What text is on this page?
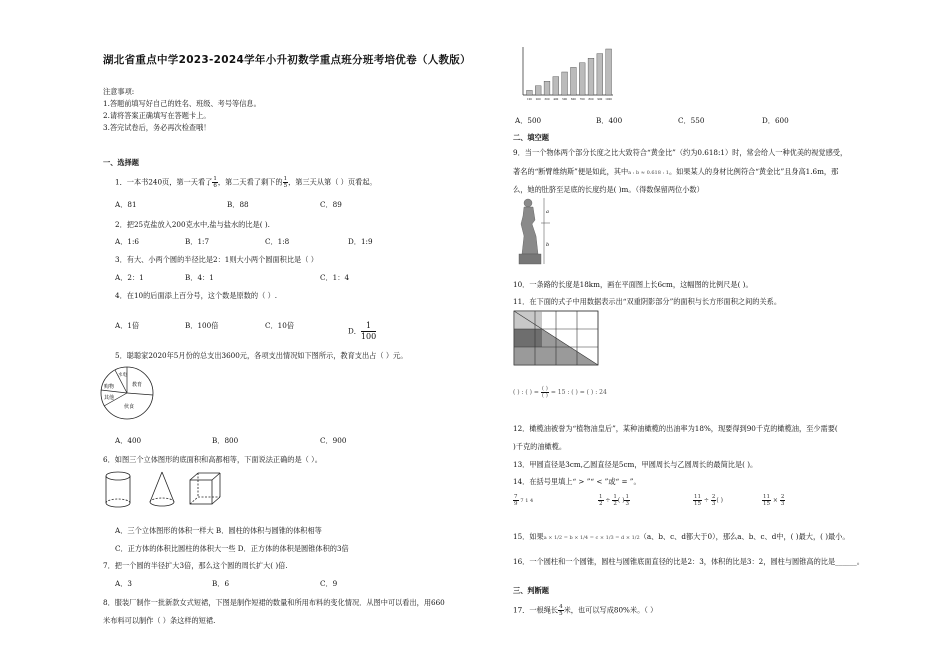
湖北省重点中学2023-2024学年小升初数学重点班分班考培优卷（人教版）
注意事项:
1.答题前填写好自己的姓名、班级、考号等信息。
2.请将答案正确填写在答题卡上。
3.答完试卷后，务必再次检查哦！
一、选择题
1．一本书240页，第一天看了 $\frac{1}{6}$ ，第二天看了剩下的 $\frac{1}{5}$ ，第三天从第（ ）页看起。
A．81	B．88	C．89
2．把25克盐放入200克水中,盐与盐水的比是( ).
A．1:6	B．1:7	C．1:8	D．1:9
3．有大、小两个圆的半径比是2：1则大小两个圆面积比是（ ）
A．2：1	B．4：1	C．1：4
4．在10的后面添上百分号，这个数是原数的（ ）.
A．1倍	B．100倍	C．10倍
D． $\frac{1}{100}$
5．聪聪家2020年5月份的总支出3600元，各项支出情况如下图所示，教育支出占（ ）元。
水电
教育
购物
其他
伙食
A．400	B．800	C．900
6．如图三个立体图形的底面积和高都相等，下面说法正确的是（ ）。
A．三个立体图形的体积一样大 B．圆柱的体积与圆锥的体积相等
C．正方体的体积比圆柱的体积大一些 D．正方体的体积是圆锥体积的3倍
7．把一个圆的半径扩大3倍，那么这个圆的周长扩大( )倍.
A．3	B．6	C．9
8．服装厂制作一批新款女式短裙，下图是制作短裙的数量和所用布料的变化情况．从图中可以看出，用660
米布料可以制作（ ）条这样的短裙.
100 200 300 400 500 600 700 800 900 1000
A．500	B．400	C．550	D．600
二、填空题
9．当一个物体两个部分长度之比大致符合“黄金比”（约为0.618:1）时，常会给人一种优美的视觉感受，
著名的“断臂维纳斯”便是如此，其中a : b ≈ 0.618 : 1。如果某人的身材比例符合“黄金比”且身高1.6m，那
么，她的肚脐至足底的长度约是( )m。（得数保留两位小数）
a
b
10．一条路的长度是18km，画在平面图上长6cm，这幅图的比例尺是( )。
11．在下面的式子中用数据表示出“双重阴影部分”的面积与长方形面积之间的关系。
( ) : ( ) = $\frac{( )}{( )} = 15$ : ( ) = ( ) : 24
12．橄榄油被誉为“植物油皇后”，某种油橄榄的出油率为18%，现要得到90千克的橄榄油，至少需要(
)千克的油橄榄。
13．甲圆直径是3cm,乙圆直径是5cm，甲圆周长与乙圆周长的最简比是( )。
14．在括号里填上“ > ”“ < ”或“ = ”。
$\frac{7}{9} 7$ 1 4	$\frac{1}{2} \div \frac{1}{2}$ ( ) $\frac{1}{3}$	$\frac{11}{15} \div \frac{2}{3}$ ( )	$\frac{11}{15} \times \frac{2}{3}$
15．如果a × 1/2 = b × 1/4 = c × 1/3 = d × 1/2（a、b、c、d都大于0），那么a、b、c、d中，( )最大，( )最小。
16．一个圆柱和一个圆锥，圆柱与圆锥底面直径的比是2：3，体积的比是3：2，圆柱与圆锥高的比是______。
三、判断题
17．一根绳长 $\frac{4}{5}$ 米，也可以写成80%米。（ ）
